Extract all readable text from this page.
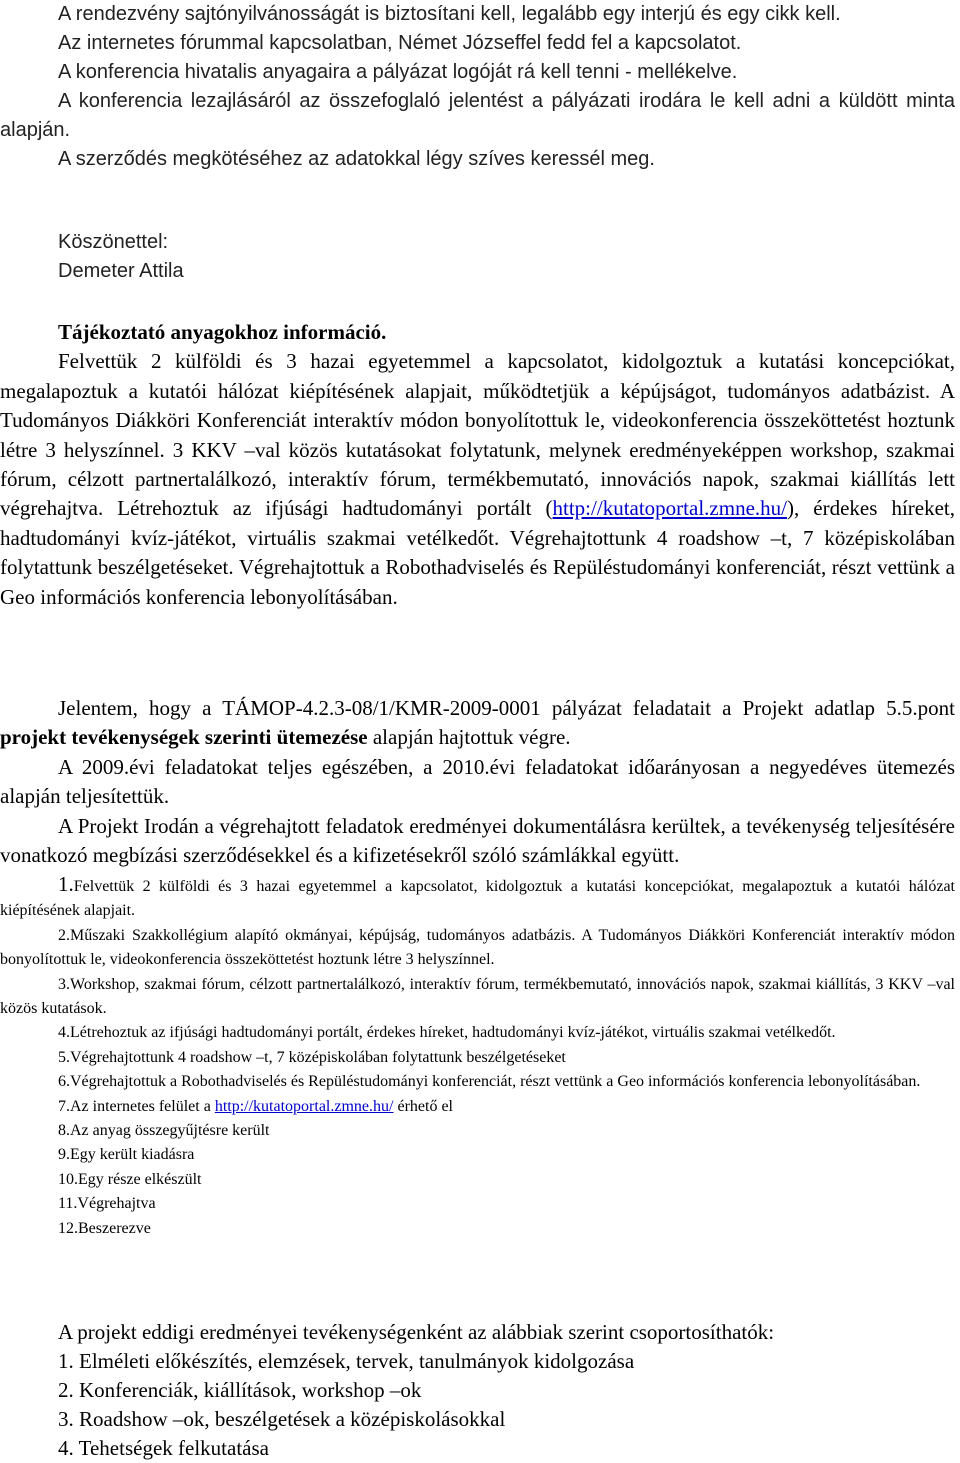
A rendezvény sajtónyilvánosságát is biztosítani kell, legalább egy interjú és egy cikk kell.

Az internetes fórummal kapcsolatban, Német Józseffel fedd fel a kapcsolatot.

A konferencia hivatalis anyagaira a pályázat logóját rá kell tenni - mellékelve.

A konferencia lezajlásáról az összefoglaló jelentést a pályázati irodára le kell adni a küldött minta alapján.

A szerződés megkötéséhez az adatokkal légy szíves keressél meg.

Köszönettel:

Demeter Attila

Tájékoztató anyagokhoz információ.

Felvettük 2 külföldi és 3 hazai egyetemmel a kapcsolatot, kidolgoztuk a kutatási koncepciókat, megalapoztuk a kutatói hálózat kiépítésének alapjait, működtetjük a képújságot, tudományos adatbázist. A Tudományos Diákköri Konferenciát interaktív módon bonyolítottuk le, videokonferencia összeköttetést hoztunk létre 3 helyszínnel. 3 KKV –val közös kutatásokat folytatunk, melynek eredményeképpen workshop, szakmai fórum, célzott partnertalálkozó, interaktív fórum, termékbemutató, innovációs napok, szakmai kiállítás lett végrehajtva. Létrehoztuk az ifjúsági hadtudományi portált (http://kutatoportal.zmne.hu/), érdekes híreket, hadtudományi kvíz-játékot, virtuális szakmai vetélkedőt. Végrehajtottunk 4 roadshow –t, 7 középiskolában folytattunk beszélgetéseket. Végrehajtottuk a Robothadviselés és Repüléstudományi konferenciát, részt vettünk a Geo információs konferencia lebonyolításában.

Jelentem, hogy a TÁMOP-4.2.3-08/1/KMR-2009-0001 pályázat feladatait a Projekt adatlap 5.5.pont projekt tevékenységek szerinti ütemezése alapján hajtottuk végre.

A 2009.évi feladatokat teljes egészében, a 2010.évi feladatokat időarányosan a negyedéves ütemezés alapján teljesítettük.

A Projekt Irodán a végrehajtott feladatok eredményei dokumentálásra kerültek, a tevékenység teljesítésére vonatkozó megbízási szerződésekkel és a kifizetésekről szóló számlákkal együtt.

1.Felvettük 2 külföldi és 3 hazai egyetemmel a kapcsolatot, kidolgoztuk a kutatási koncepciókat, megalapoztuk a kutatói hálózat kiépítésének alapjait.

2.Műszaki Szakkollégium alapító okmányai, képújság, tudományos adatbázis. A Tudományos Diákköri Konferenciát interaktív módon bonyolítottuk le, videokonferencia összeköttetést hoztunk létre 3 helyszínnel.

3.Workshop, szakmai fórum, célzott partnertalálkozó, interaktív fórum, termékbemutató, innovációs napok, szakmai kiállítás, 3 KKV –val közös kutatások.

4.Létrehoztuk az ifjúsági hadtudományi portált, érdekes híreket, hadtudományi kvíz-játékot, virtuális szakmai vetélkedőt.

5.Végrehajtottunk 4 roadshow –t, 7 középiskolában folytattunk beszélgetéseket

6.Végrehajtottuk a Robothadviselés és Repüléstudományi konferenciát, részt vettünk a Geo információs konferencia lebonyolításában.

7.Az internetes felület a http://kutatoportal.zmne.hu/ érhető el

8.Az anyag összegyűjtésre került

9.Egy került kiadásra

10.Egy része elkészült

11.Végrehajtva

12.Beszerezve

A projekt eddigi eredményei tevékenységenként az alábbiak szerint csoportosíthatók:

1. Elméleti előkészítés, elemzések, tervek, tanulmányok kidolgozása

2. Konferenciák, kiállítások, workshop –ok

3. Roadshow –ok, beszélgetések a középiskolásokkal

4. Tehetségek felkutatása
